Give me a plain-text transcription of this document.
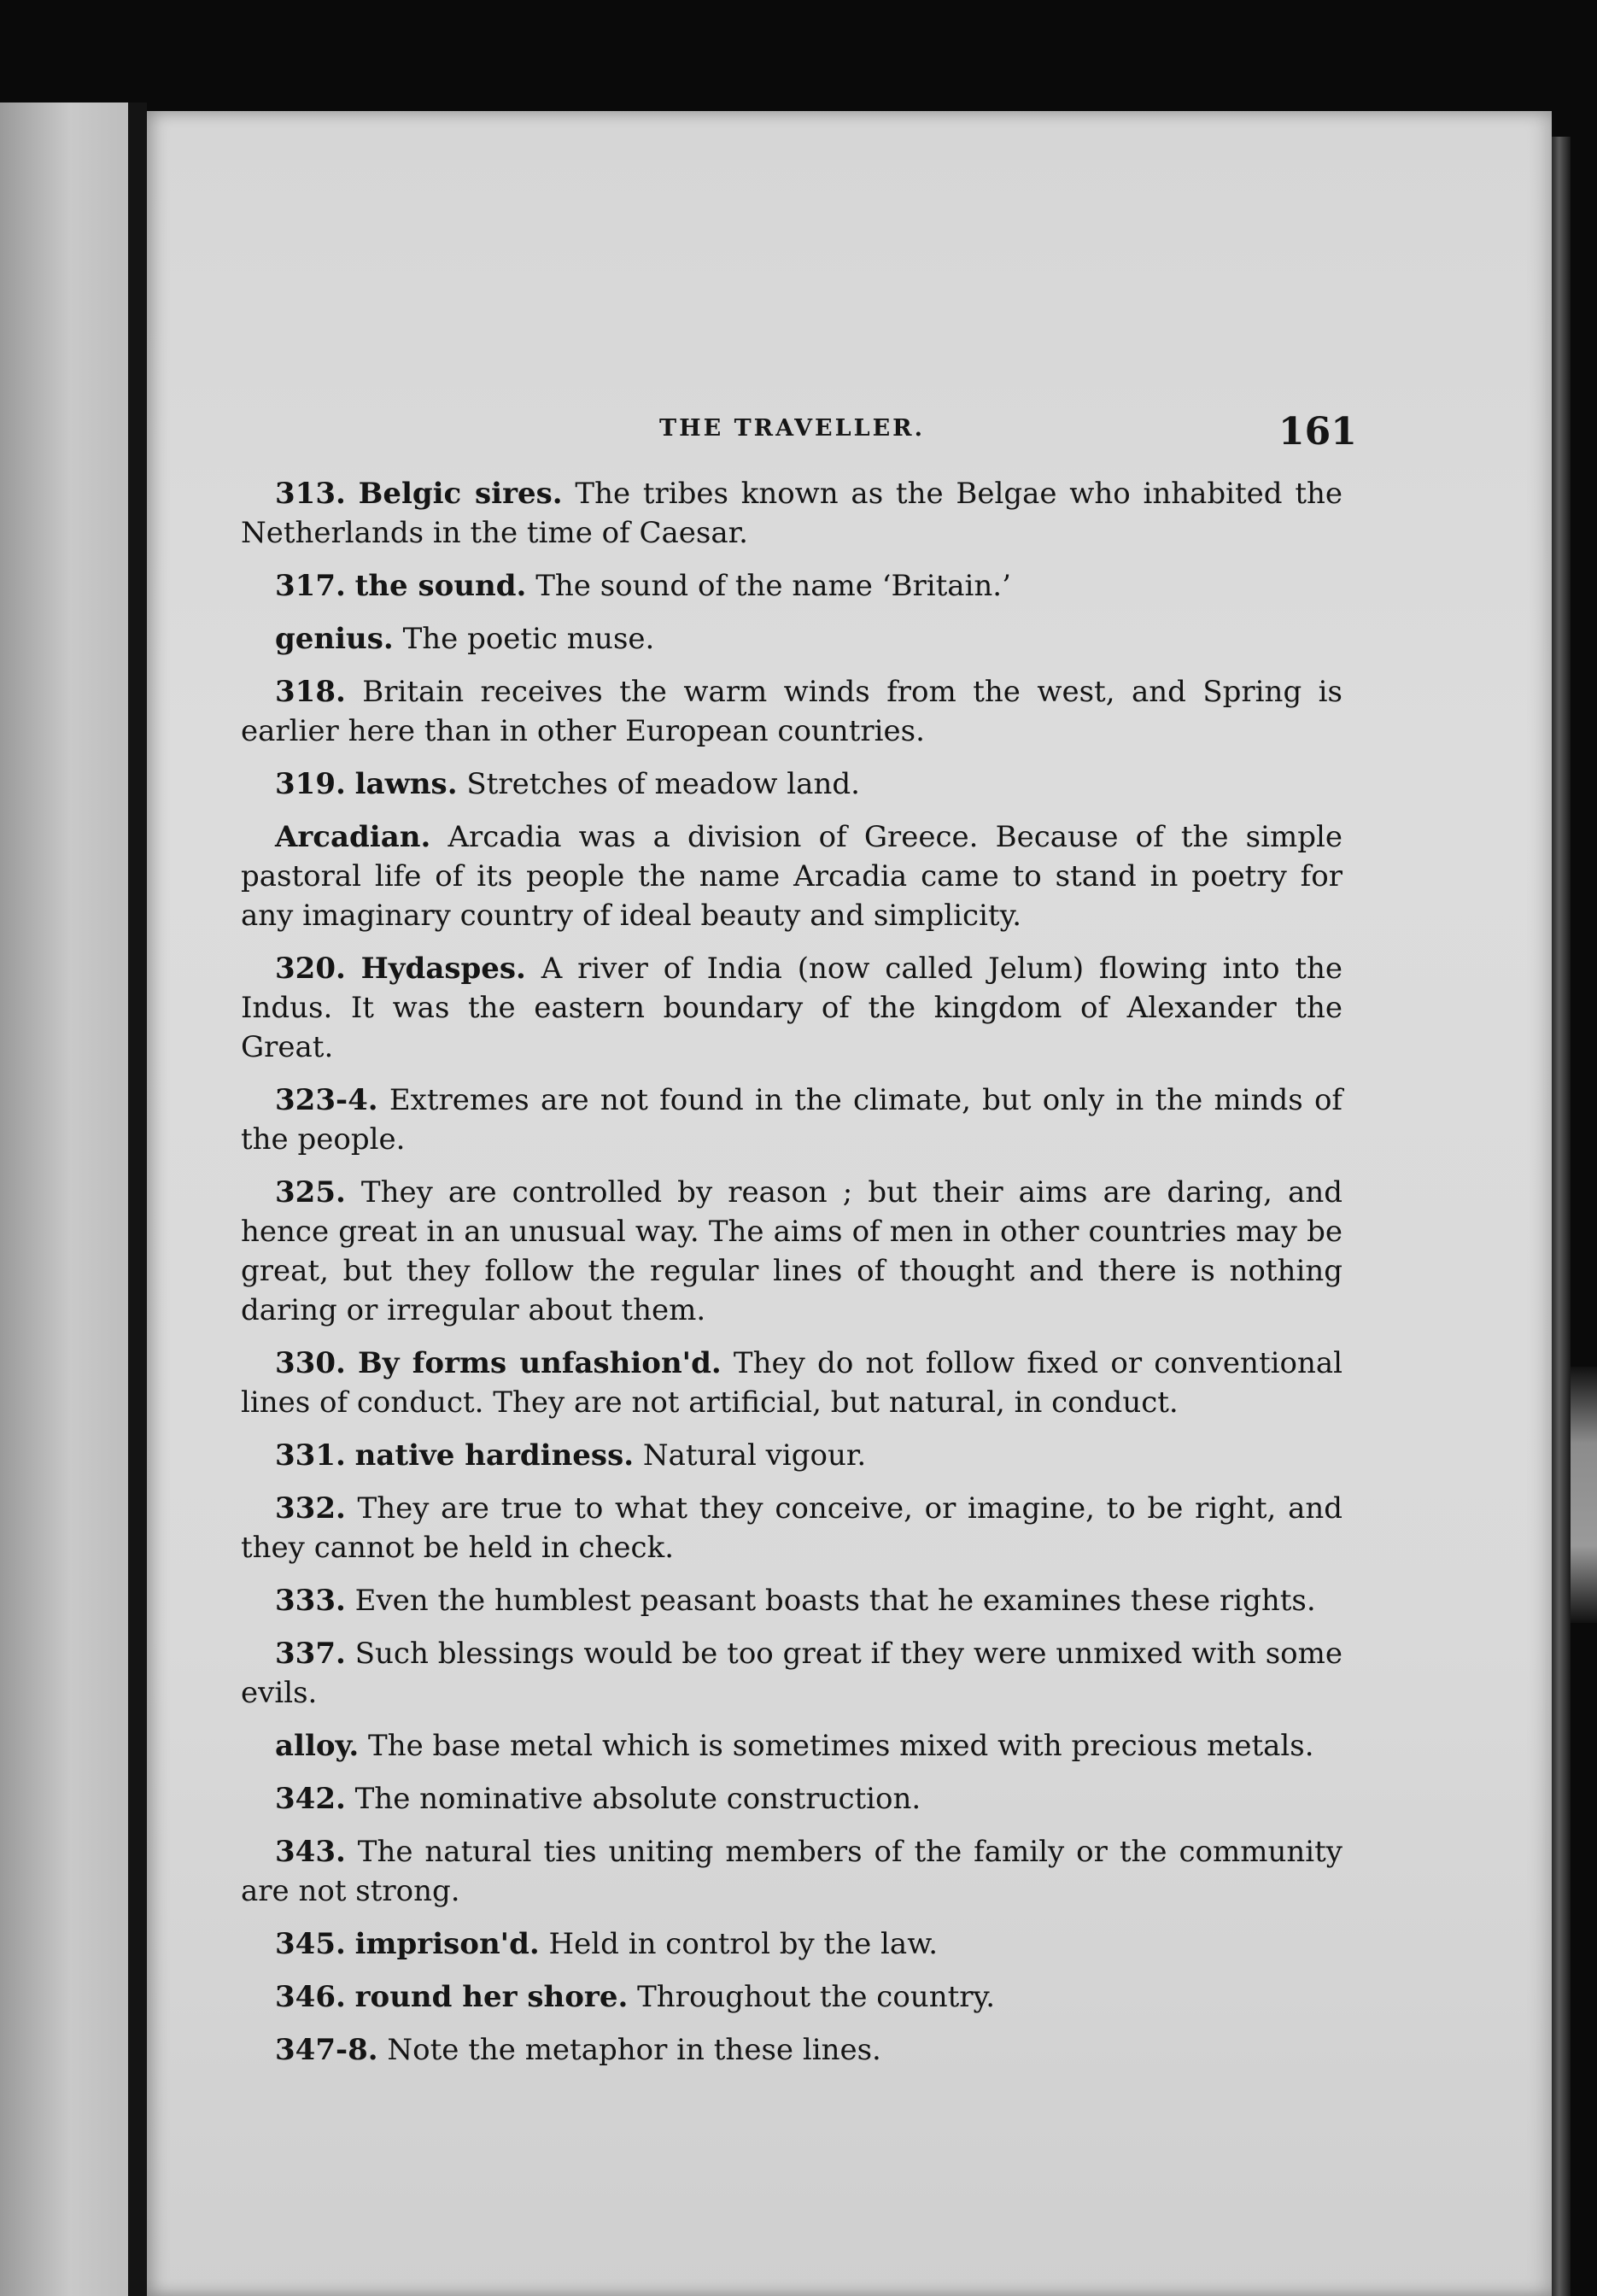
THE TRAVELLER.	161

313. Belgic sires. The tribes known as the Belgae who inhabited the Netherlands in the time of Caesar.

317. the sound. The sound of the name ‘Britain.’

genius. The poetic muse.

318. Britain receives the warm winds from the west, and Spring is earlier here than in other European countries.

319. lawns. Stretches of meadow land.

Arcadian. Arcadia was a division of Greece. Because of the simple pastoral life of its people the name Arcadia came to stand in poetry for any imaginary country of ideal beauty and simplicity.

320. Hydaspes. A river of India (now called Jelum) flowing into the Indus. It was the eastern boundary of the kingdom of Alexander the Great.

323-4. Extremes are not found in the climate, but only in the minds of the people.

325. They are controlled by reason ; but their aims are daring, and hence great in an unusual way. The aims of men in other countries may be great, but they follow the regular lines of thought and there is nothing daring or irregular about them.

330. By forms unfashion'd. They do not follow fixed or conventional lines of conduct. They are not artificial, but natural, in conduct.

331. native hardiness. Natural vigour.

332. They are true to what they conceive, or imagine, to be right, and they cannot be held in check.

333. Even the humblest peasant boasts that he examines these rights.

337. Such blessings would be too great if they were unmixed with some evils.

alloy. The base metal which is sometimes mixed with precious metals.

342. The nominative absolute construction.

343. The natural ties uniting members of the family or the community are not strong.

345. imprison'd. Held in control by the law.

346. round her shore. Throughout the country.

347-8. Note the metaphor in these lines.
